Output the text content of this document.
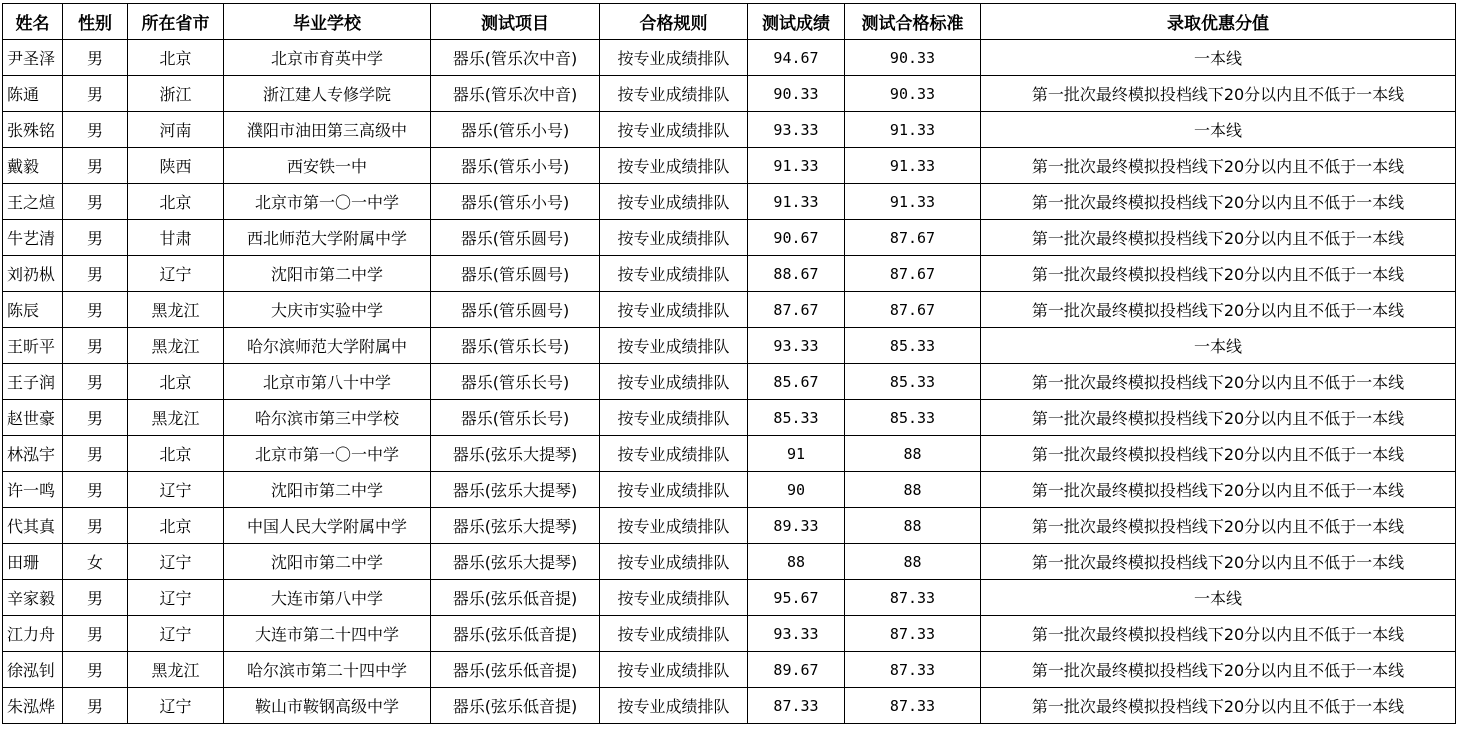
姓名	性别	所在省市	毕业学校	测试项目	合格规则	测试成绩	测试合格标准	录取优惠分值
尹圣泽	男	北京	北京市育英中学	器乐(管乐次中音)	按专业成绩排队	94.67	90.33	一本线
陈通	男	浙江	浙江建人专修学院	器乐(管乐次中音)	按专业成绩排队	90.33	90.33	第一批次最终模拟投档线下20分以内且不低于一本线
张殊铭	男	河南	濮阳市油田第三高级中	器乐(管乐小号)	按专业成绩排队	93.33	91.33	一本线
戴毅	男	陕西	西安铁一中	器乐(管乐小号)	按专业成绩排队	91.33	91.33	第一批次最终模拟投档线下20分以内且不低于一本线
王之煊	男	北京	北京市第一〇一中学	器乐(管乐小号)	按专业成绩排队	91.33	91.33	第一批次最终模拟投档线下20分以内且不低于一本线
牛艺清	男	甘肃	西北师范大学附属中学	器乐(管乐圆号)	按专业成绩排队	90.67	87.67	第一批次最终模拟投档线下20分以内且不低于一本线
刘礽枞	男	辽宁	沈阳市第二中学	器乐(管乐圆号)	按专业成绩排队	88.67	87.67	第一批次最终模拟投档线下20分以内且不低于一本线
陈辰	男	黑龙江	大庆市实验中学	器乐(管乐圆号)	按专业成绩排队	87.67	87.67	第一批次最终模拟投档线下20分以内且不低于一本线
王昕平	男	黑龙江	哈尔滨师范大学附属中	器乐(管乐长号)	按专业成绩排队	93.33	85.33	一本线
王子润	男	北京	北京市第八十中学	器乐(管乐长号)	按专业成绩排队	85.67	85.33	第一批次最终模拟投档线下20分以内且不低于一本线
赵世豪	男	黑龙江	哈尔滨市第三中学校	器乐(管乐长号)	按专业成绩排队	85.33	85.33	第一批次最终模拟投档线下20分以内且不低于一本线
林泓宇	男	北京	北京市第一〇一中学	器乐(弦乐大提琴)	按专业成绩排队	91	88	第一批次最终模拟投档线下20分以内且不低于一本线
许一鸣	男	辽宁	沈阳市第二中学	器乐(弦乐大提琴)	按专业成绩排队	90	88	第一批次最终模拟投档线下20分以内且不低于一本线
代其真	男	北京	中国人民大学附属中学	器乐(弦乐大提琴)	按专业成绩排队	89.33	88	第一批次最终模拟投档线下20分以内且不低于一本线
田珊	女	辽宁	沈阳市第二中学	器乐(弦乐大提琴)	按专业成绩排队	88	88	第一批次最终模拟投档线下20分以内且不低于一本线
辛家毅	男	辽宁	大连市第八中学	器乐(弦乐低音提)	按专业成绩排队	95.67	87.33	一本线
江力舟	男	辽宁	大连市第二十四中学	器乐(弦乐低音提)	按专业成绩排队	93.33	87.33	第一批次最终模拟投档线下20分以内且不低于一本线
徐泓钊	男	黑龙江	哈尔滨市第二十四中学	器乐(弦乐低音提)	按专业成绩排队	89.67	87.33	第一批次最终模拟投档线下20分以内且不低于一本线
朱泓烨	男	辽宁	鞍山市鞍钢高级中学	器乐(弦乐低音提)	按专业成绩排队	87.33	87.33	第一批次最终模拟投档线下20分以内且不低于一本线
